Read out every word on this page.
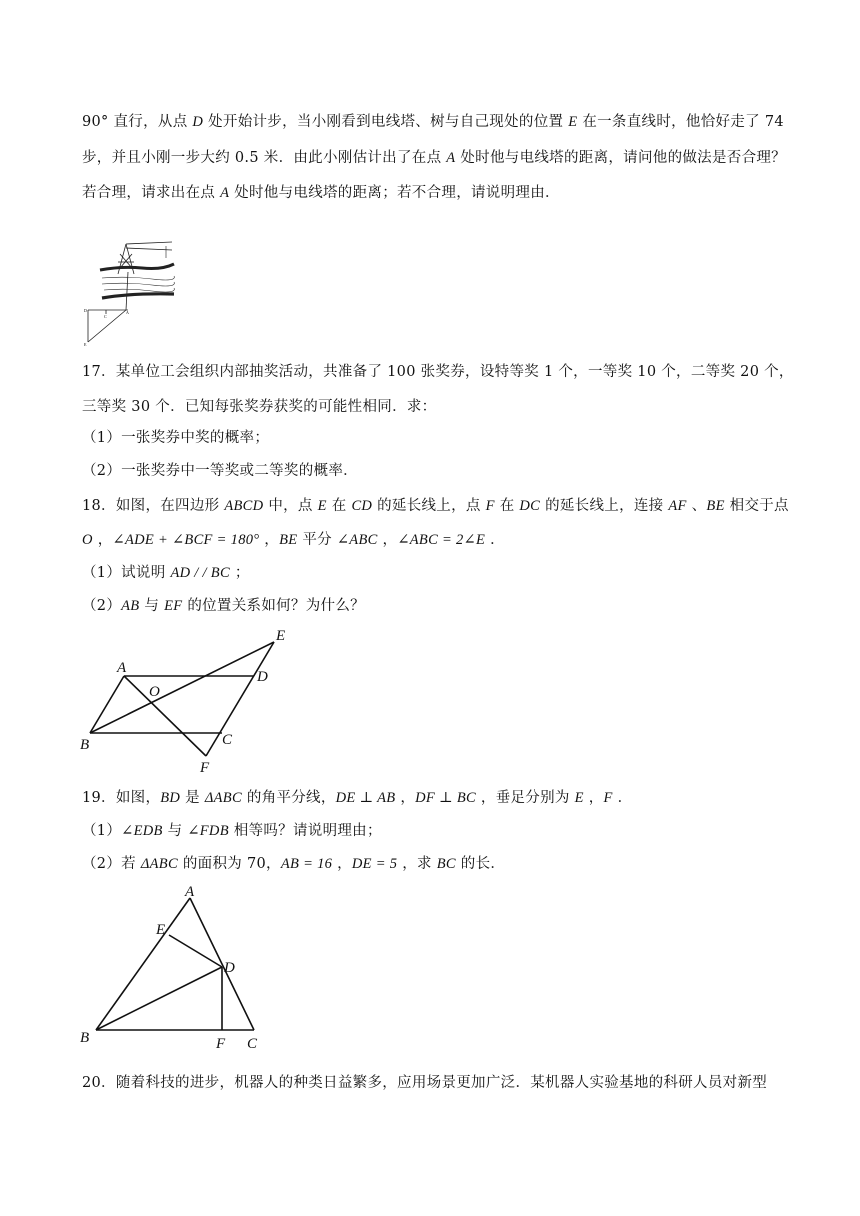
90° 直行，从点 D 处开始计步，当小刚看到电线塔、树与自己现处的位置 E 在一条直线时，他恰好走了 74
步，并且小刚一步大约 0.5 米．由此小刚估计出了在点 A 处时他与电线塔的距离，请问他的做法是否合理？
若合理，请求出在点 A 处时他与电线塔的距离；若不合理，请说明理由．
D
C
A
E
17．某单位工会组织内部抽奖活动，共准备了 100 张奖券，设特等奖 1 个，一等奖 10 个，二等奖 20 个，
三等奖 30 个．已知每张奖券获奖的可能性相同．求：
（1）一张奖券中奖的概率；
（2）一张奖券中一等奖或二等奖的概率．
18．如图，在四边形 ABCD 中，点 E 在 CD 的延长线上，点 F 在 DC 的延长线上，连接 AF 、BE 相交于点
O ，∠ADE + ∠BCF = 180° ，BE 平分 ∠ABC ，∠ABC = 2∠E ．
（1）试说明 AD / / BC ；
（2）AB 与 EF 的位置关系如何？为什么？
A
B	C
D
E
F
O
19．如图，BD 是 ΔABC 的角平分线，DE ⊥ AB ，DF ⊥ BC ，垂足分别为 E ，F ．
（1）∠EDB 与 ∠FDB 相等吗？请说明理由；
（2）若 ΔABC 的面积为 70，AB = 16 ，DE = 5 ，求 BC 的长．
A
B	C
D
E
F
20．随着科技的进步，机器人的种类日益繁多，应用场景更加广泛．某机器人实验基地的科研人员对新型
